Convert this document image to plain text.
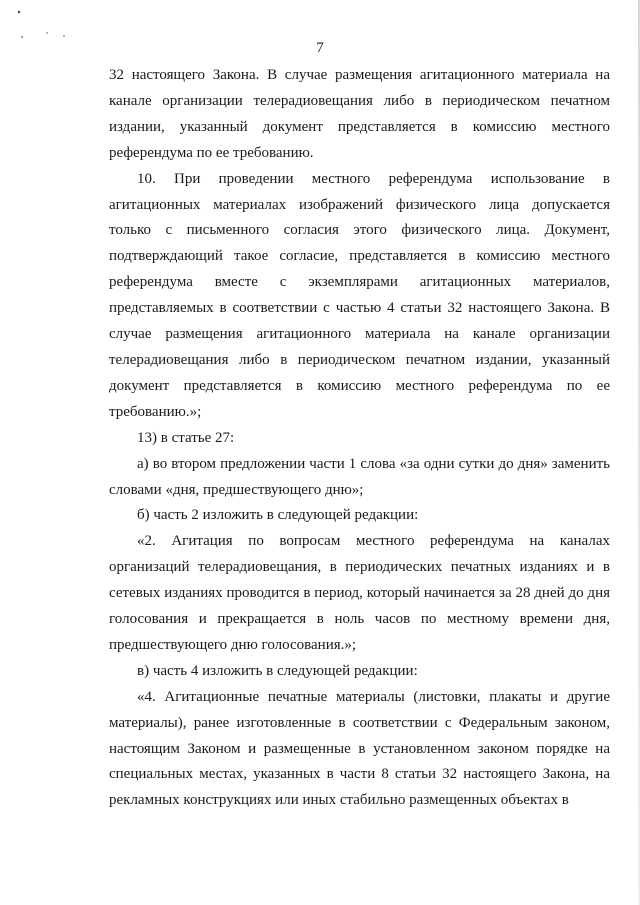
7

32 настоящего Закона. В случае размещения агитационного материала на канале организации телерадиовещания либо в периодическом печатном издании, указанный документ представляется в комиссию местного референдума по ее требованию.

10. При проведении местного референдума использование в агитационных материалах изображений физического лица допускается только с письменного согласия этого физического лица. Документ, подтверждающий такое согласие, представляется в комиссию местного референдума вместе с экземплярами агитационных материалов, представляемых в соответствии с частью 4 статьи 32 настоящего Закона. В случае размещения агитационного материала на канале организации телерадиовещания либо в периодическом печатном издании, указанный документ представляется в комиссию местного референдума по ее требованию.»;

13) в статье 27:

а) во втором предложении части 1 слова «за одни сутки до дня» заменить словами «дня, предшествующего дню»;

б) часть 2 изложить в следующей редакции:

«2. Агитация по вопросам местного референдума на каналах организаций телерадиовещания, в периодических печатных изданиях и в сетевых изданиях проводится в период, который начинается за 28 дней до дня голосования и прекращается в ноль часов по местному времени дня, предшествующего дню голосования.»;

в) часть 4 изложить в следующей редакции:

«4. Агитационные печатные материалы (листовки, плакаты и другие материалы), ранее изготовленные в соответствии с Федеральным законом, настоящим Законом и размещенные в установленном законом порядке на специальных местах, указанных в части 8 статьи 32 настоящего Закона, на рекламных конструкциях или иных стабильно размещенных объектах в
